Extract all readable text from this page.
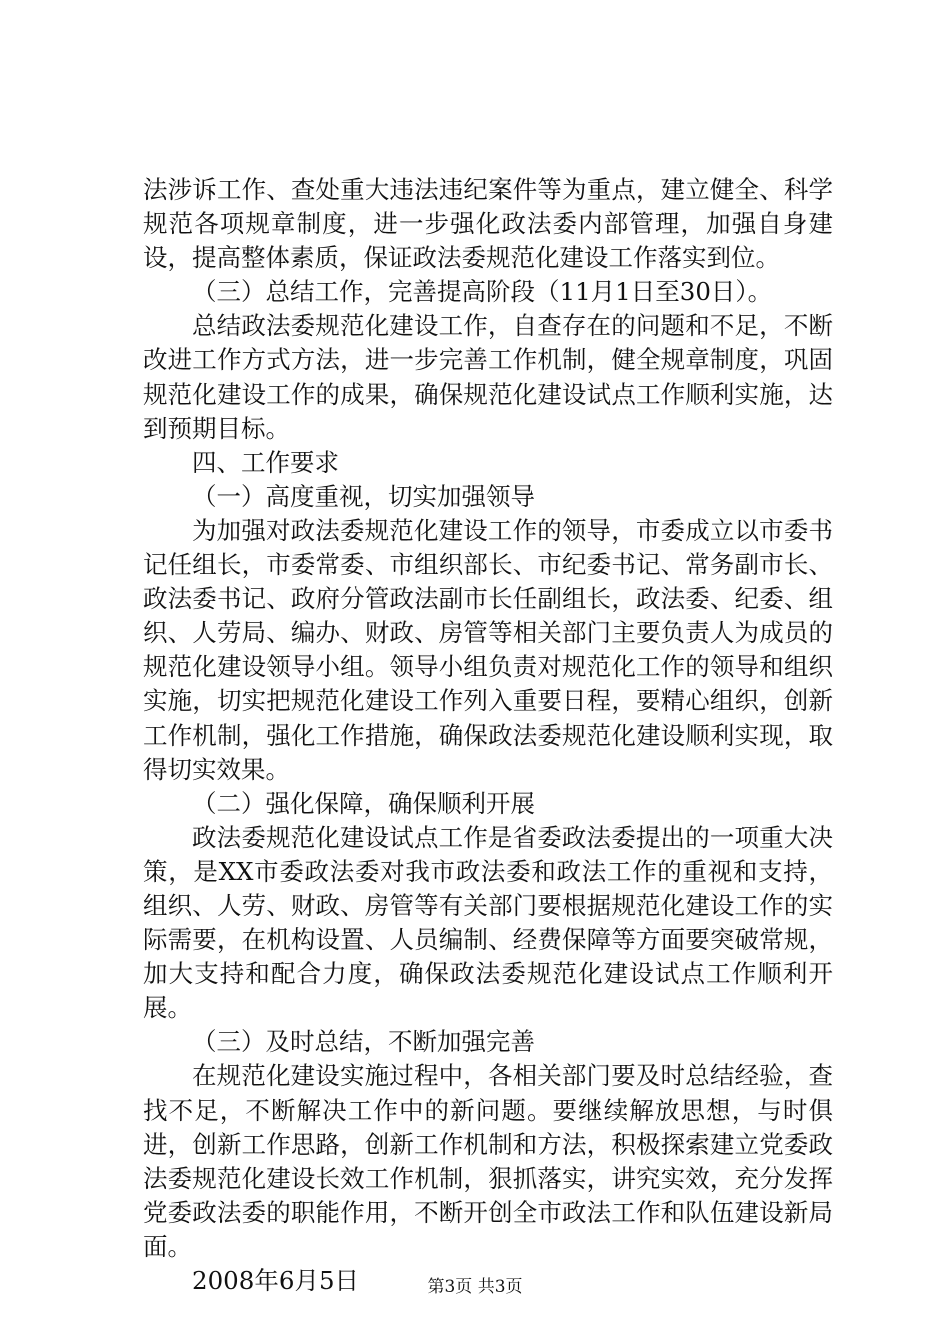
法涉诉工作、查处重大违法违纪案件等为重点，建立健全、科学规范各项规章制度，进一步强化政法委内部管理，加强自身建设，提高整体素质，保证政法委规范化建设工作落实到位。

（三）总结工作，完善提高阶段（11月1日至30日）。

总结政法委规范化建设工作，自查存在的问题和不足，不断改进工作方式方法，进一步完善工作机制，健全规章制度，巩固规范化建设工作的成果，确保规范化建设试点工作顺利实施，达到预期目标。

四、工作要求

（一）高度重视，切实加强领导

为加强对政法委规范化建设工作的领导，市委成立以市委书记任组长，市委常委、市组织部长、市纪委书记、常务副市长、政法委书记、政府分管政法副市长任副组长，政法委、纪委、组织、人劳局、编办、财政、房管等相关部门主要负责人为成员的规范化建设领导小组。领导小组负责对规范化工作的领导和组织实施，切实把规范化建设工作列入重要日程，要精心组织，创新工作机制，强化工作措施，确保政法委规范化建设顺利实现，取得切实效果。

（二）强化保障，确保顺利开展

政法委规范化建设试点工作是省委政法委提出的一项重大决策，是XX市委政法委对我市政法委和政法工作的重视和支持，组织、人劳、财政、房管等有关部门要根据规范化建设工作的实际需要，在机构设置、人员编制、经费保障等方面要突破常规，加大支持和配合力度，确保政法委规范化建设试点工作顺利开展。

（三）及时总结，不断加强完善

在规范化建设实施过程中，各相关部门要及时总结经验，查找不足，不断解决工作中的新问题。要继续解放思想，与时俱进，创新工作思路，创新工作机制和方法，积极探索建立党委政法委规范化建设长效工作机制，狠抓落实，讲究实效，充分发挥党委政法委的职能作用，不断开创全市政法工作和队伍建设新局面。

2008年6月5日	第3页 共3页
